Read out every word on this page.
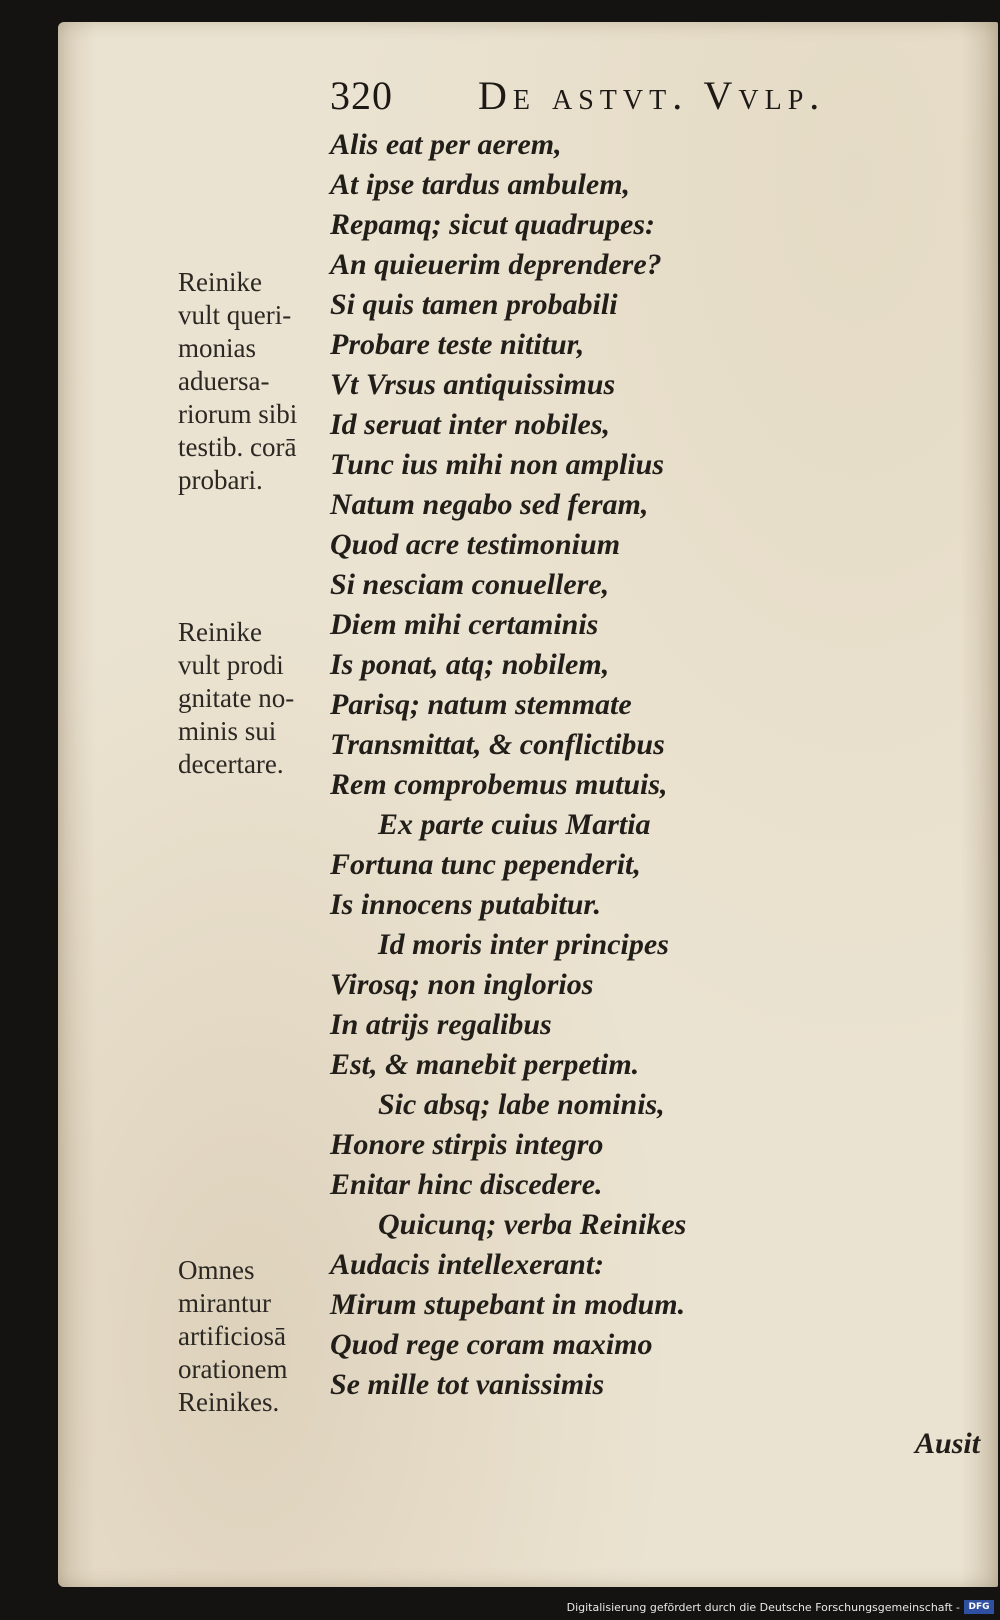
320 De astvt. Vvlp.
Alis eat per aerem,
At ipse tardus ambulem,
Repamq; sicut quadrupes:
An quieuerim deprendere?
Si quis tamen probabili
Probare teste nititur,
Vt Vrsus antiquissimus
Id seruat inter nobiles,
Tunc ius mihi non amplius
Natum negabo sed feram,
Quod acre testimonium
Si nesciam conuellere,
Diem mihi certaminis
Is ponat, atq; nobilem,
Parisq; natum stemmate
Transmittat, & conflictibus
Rem comprobemus mutuis,
Ex parte cuius Martia
Fortuna tunc pependerit,
Is innocens putabitur.
Id moris inter principes
Virosq; non inglorios
In atrijs regalibus
Est, & manebit perpetim.
Sic absq; labe nominis,
Honore stirpis integro
Enitar hinc discedere.
Quicunq; verba Reinikes
Audacis intellexerant:
Mirum stupebant in modum.
Quod rege coram maximo
Se mille tot vanissimis
Reinike
vult queri-
monias
aduersa-
riorum sibi
testib. corā
probari.
Reinike
vult prodi
gnitate no-
minis sui
decertare.
Omnes
mirantur
artificiosā
orationem
Reinikes.
Ausit
Digitalisierung gefördert durch die Deutsche Forschungsgemeinschaft - DFG
